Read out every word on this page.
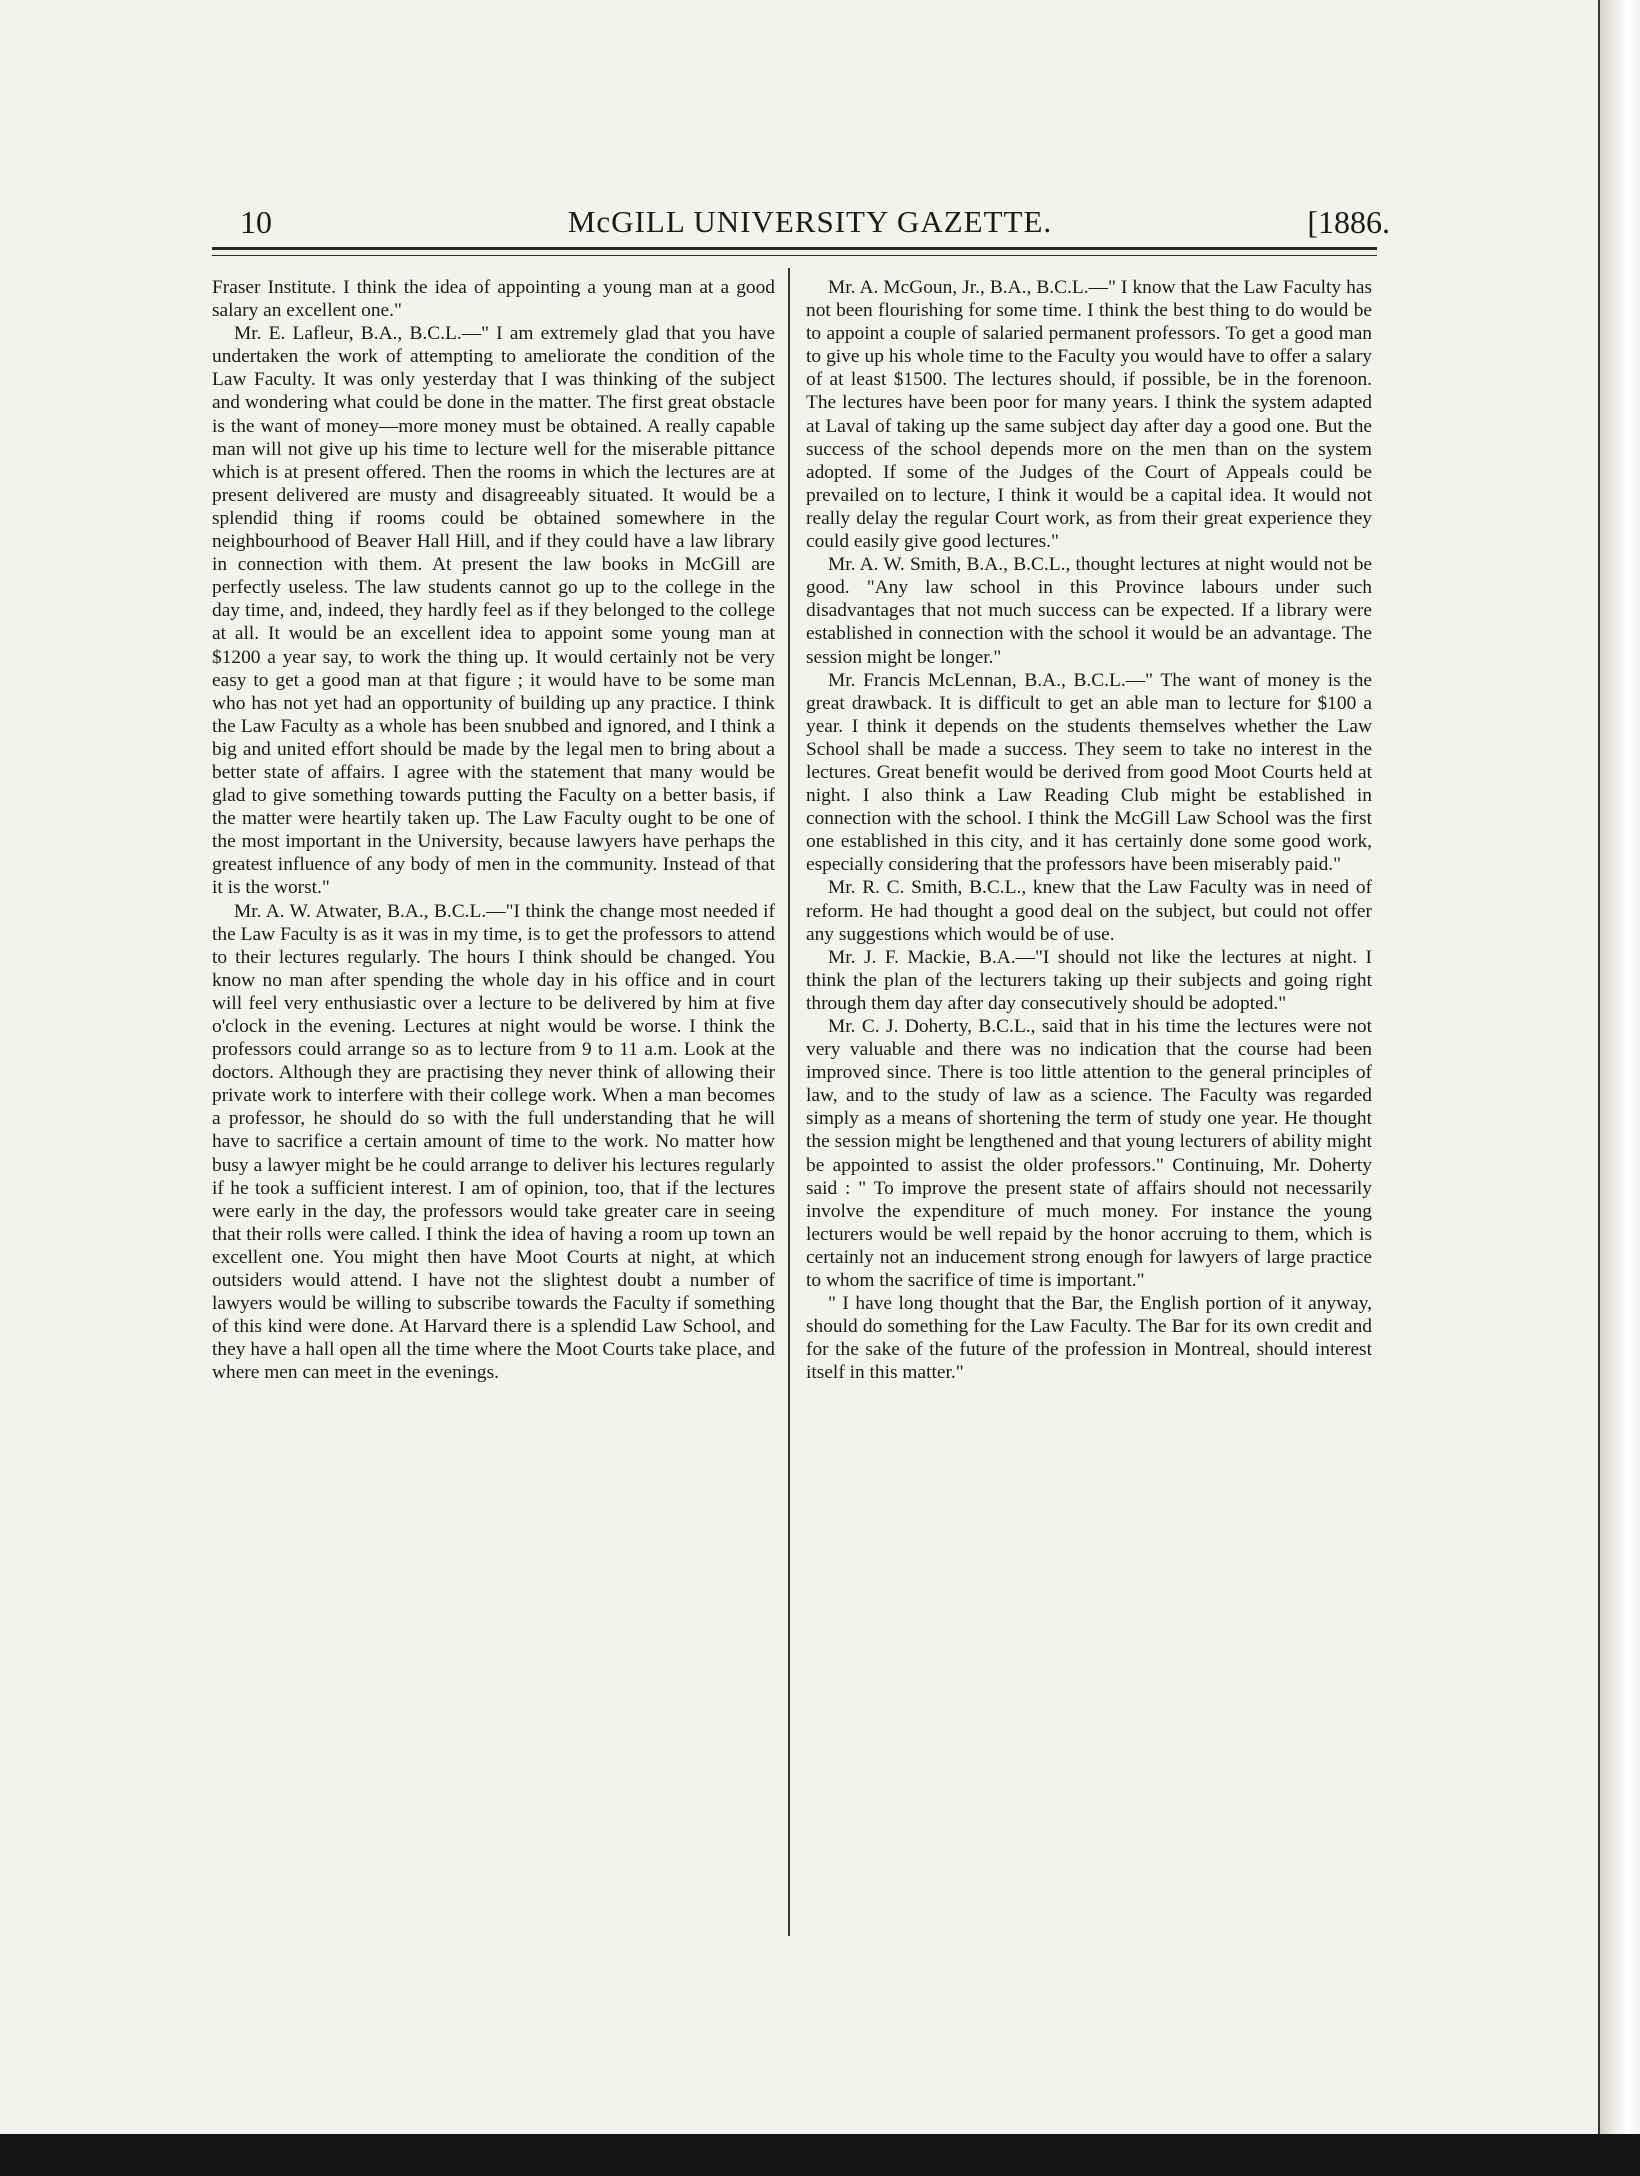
10	McGILL UNIVERSITY GAZETTE.	[1886.

Fraser Institute. I think the idea of appointing a young man at a good salary an excellent one."

Mr. E. Lafleur, B.A., B.C.L.—" I am extremely glad that you have undertaken the work of attempting to ameliorate the condition of the Law Faculty. It was only yesterday that I was thinking of the subject and wondering what could be done in the matter. The first great obstacle is the want of money—more money must be obtained. A really capable man will not give up his time to lecture well for the miserable pittance which is at present offered. Then the rooms in which the lectures are at present delivered are musty and disagreeably situated. It would be a splendid thing if rooms could be obtained somewhere in the neighbourhood of Beaver Hall Hill, and if they could have a law library in connection with them. At present the law books in McGill are perfectly useless. The law students cannot go up to the college in the day time, and, indeed, they hardly feel as if they belonged to the college at all. It would be an excellent idea to appoint some young man at $1200 a year say, to work the thing up. It would certainly not be very easy to get a good man at that figure ; it would have to be some man who has not yet had an opportunity of building up any practice. I think the Law Faculty as a whole has been snubbed and ignored, and I think a big and united effort should be made by the legal men to bring about a better state of affairs. I agree with the statement that many would be glad to give something towards putting the Faculty on a better basis, if the matter were heartily taken up. The Law Faculty ought to be one of the most important in the University, because lawyers have perhaps the greatest influence of any body of men in the community. Instead of that it is the worst."

Mr. A. W. Atwater, B.A., B.C.L.—"I think the change most needed if the Law Faculty is as it was in my time, is to get the professors to attend to their lectures regularly. The hours I think should be changed. You know no man after spending the whole day in his office and in court will feel very enthusiastic over a lecture to be delivered by him at five o'clock in the evening. Lectures at night would be worse. I think the professors could arrange so as to lecture from 9 to 11 a.m. Look at the doctors. Although they are practising they never think of allowing their private work to interfere with their college work. When a man becomes a professor, he should do so with the full understanding that he will have to sacrifice a certain amount of time to the work. No matter how busy a lawyer might be he could arrange to deliver his lectures regularly if he took a sufficient interest. I am of opinion, too, that if the lectures were early in the day, the professors would take greater care in seeing that their rolls were called. I think the idea of having a room up town an excellent one. You might then have Moot Courts at night, at which outsiders would attend. I have not the slightest doubt a number of lawyers would be willing to subscribe towards the Faculty if something of this kind were done. At Harvard there is a splendid Law School, and they have a hall open all the time where the Moot Courts take place, and where men can meet in the evenings.

Mr. A. McGoun, Jr., B.A., B.C.L.—" I know that the Law Faculty has not been flourishing for some time. I think the best thing to do would be to appoint a couple of salaried permanent professors. To get a good man to give up his whole time to the Faculty you would have to offer a salary of at least $1500. The lectures should, if possible, be in the forenoon. The lectures have been poor for many years. I think the system adapted at Laval of taking up the same subject day after day a good one. But the success of the school depends more on the men than on the system adopted. If some of the Judges of the Court of Appeals could be prevailed on to lecture, I think it would be a capital idea. It would not really delay the regular Court work, as from their great experience they could easily give good lectures."

Mr. A. W. Smith, B.A., B.C.L., thought lectures at night would not be good. "Any law school in this Province labours under such disadvantages that not much success can be expected. If a library were established in connection with the school it would be an advantage. The session might be longer."

Mr. Francis McLennan, B.A., B.C.L.—" The want of money is the great drawback. It is difficult to get an able man to lecture for $100 a year. I think it depends on the students themselves whether the Law School shall be made a success. They seem to take no interest in the lectures. Great benefit would be derived from good Moot Courts held at night. I also think a Law Reading Club might be established in connection with the school. I think the McGill Law School was the first one established in this city, and it has certainly done some good work, especially considering that the professors have been miserably paid."

Mr. R. C. Smith, B.C.L., knew that the Law Faculty was in need of reform. He had thought a good deal on the subject, but could not offer any suggestions which would be of use.

Mr. J. F. Mackie, B.A.—"I should not like the lectures at night. I think the plan of the lecturers taking up their subjects and going right through them day after day consecutively should be adopted."

Mr. C. J. Doherty, B.C.L., said that in his time the lectures were not very valuable and there was no indication that the course had been improved since. There is too little attention to the general principles of law, and to the study of law as a science. The Faculty was regarded simply as a means of shortening the term of study one year. He thought the session might be lengthened and that young lecturers of ability might be appointed to assist the older professors." Continuing, Mr. Doherty said : " To improve the present state of affairs should not necessarily involve the expenditure of much money. For instance the young lecturers would be well repaid by the honor accruing to them, which is certainly not an inducement strong enough for lawyers of large practice to whom the sacrifice of time is important."

" I have long thought that the Bar, the English portion of it anyway, should do something for the Law Faculty. The Bar for its own credit and for the sake of the future of the profession in Montreal, should interest itself in this matter."
